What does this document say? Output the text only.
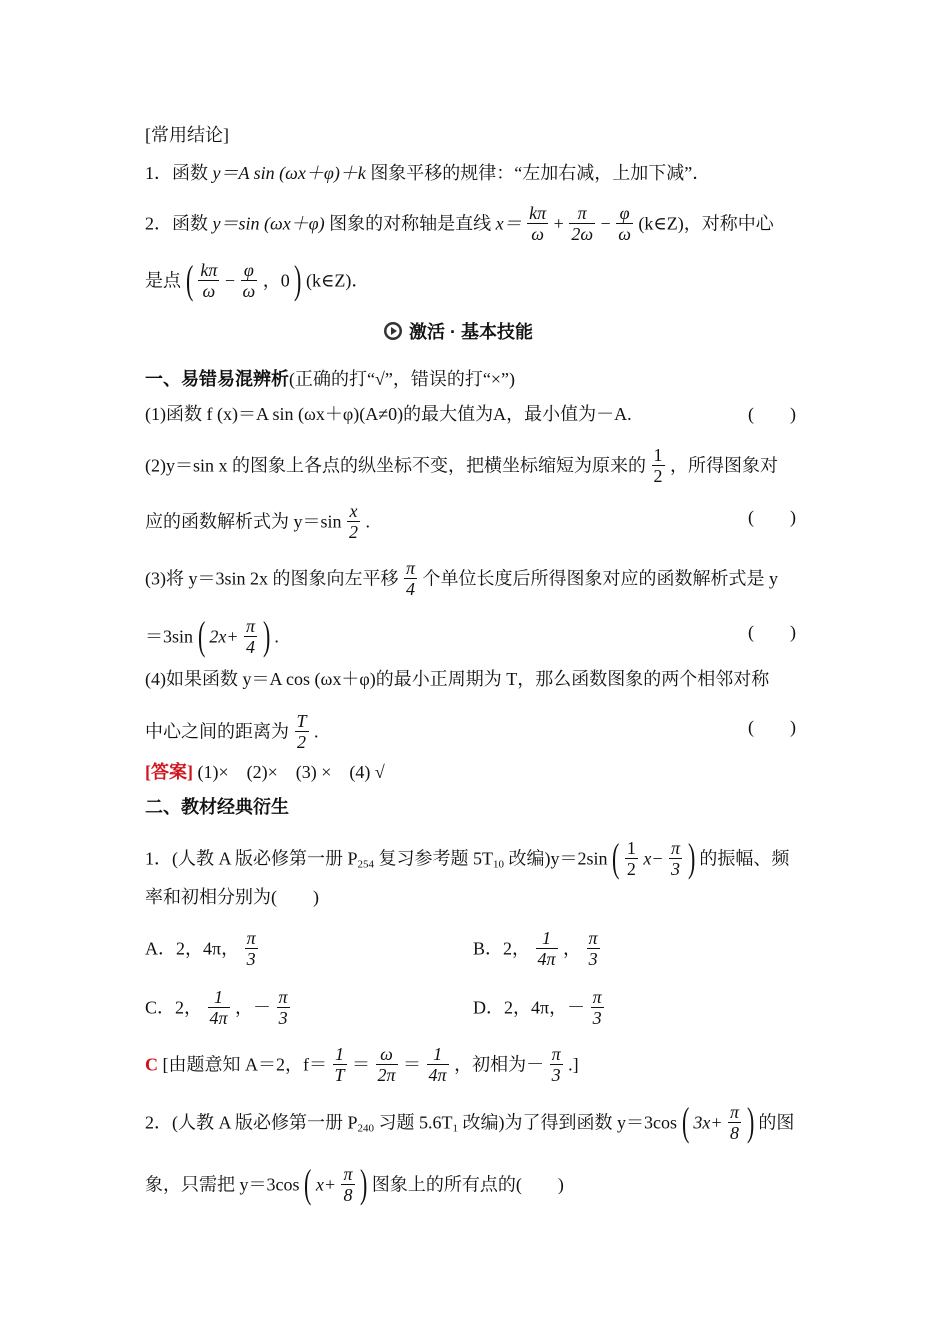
[常用结论]
1．函数 y＝A sin (ωx＋φ)＋k 图象平移的规律：“左加右减，上加下减”．
2．函数 y＝sin (ωx＋φ) 图象的对称轴是直线 $x= \frac{k\pi}{\omega} + \frac{\pi}{2\omega} - \frac{\varphi}{\omega}$ (k∈Z)，对称中心
是点 ( $\frac{k\pi}{\omega} - \frac{\varphi}{\omega}$ ，0 ) (k∈Z)．
激活 · 基本技能
一、易错易混辨析(正确的打“√”，错误的打“×”)
(1)函数 f (x)＝A sin (ωx＋φ)(A≠0)的最大值为A，最小值为－A.	(　　)
(2)y＝sin x 的图象上各点的纵坐标不变，把横坐标缩短为原来的 $\frac{1}{2}$ ，所得图象对
应的函数解析式为 $y=\sin \frac{x}{2}$ .	(　　)
(3)将 y＝3sin 2x 的图象向左平移 $\frac{\pi}{4}$ 个单位长度后所得图象对应的函数解析式是 y
＝3sin ( $2x+ \frac{\pi}{4}$ ) .	(　　)
(4)如果函数 y＝A cos (ωx＋φ)的最小正周期为 T，那么函数图象的两个相邻对称
中心之间的距离为 $\frac{T}{2}$ .	(　　)
[答案] (1)×　(2)×　(3) ×　(4) √
二、教材经典衍生
1．(人教 A 版必修第一册 $P_{254}$ 复习参考题 $5T_{10}$ 改编)y＝2sin ( $\frac{1}{2} x- \frac{\pi}{3}$ ) 的振幅、频
率和初相分别为(　　)
A．2，4π， $\frac{\pi}{3}$	B．2， $\frac{1}{4\pi}$ ， $\frac{\pi}{3}$
C．2， $\frac{1}{4\pi}$ ，－ $\frac{\pi}{3}$	D．2，4π，－ $\frac{\pi}{3}$
C [由题意知 A＝2，$f= \frac{1}{T} = \frac{\omega}{2\pi} = \frac{1}{4\pi}$ ，初相为－ $\frac{\pi}{3}$ .]
2．(人教 A 版必修第一册 $P_{240}$ 习题 $5.6T_1$ 改编)为了得到函数 y＝3cos ( $3x+ \frac{\pi}{8}$ ) 的图
象，只需把 y＝3cos ( $x+ \frac{\pi}{8}$ ) 图象上的所有点的(　　)
